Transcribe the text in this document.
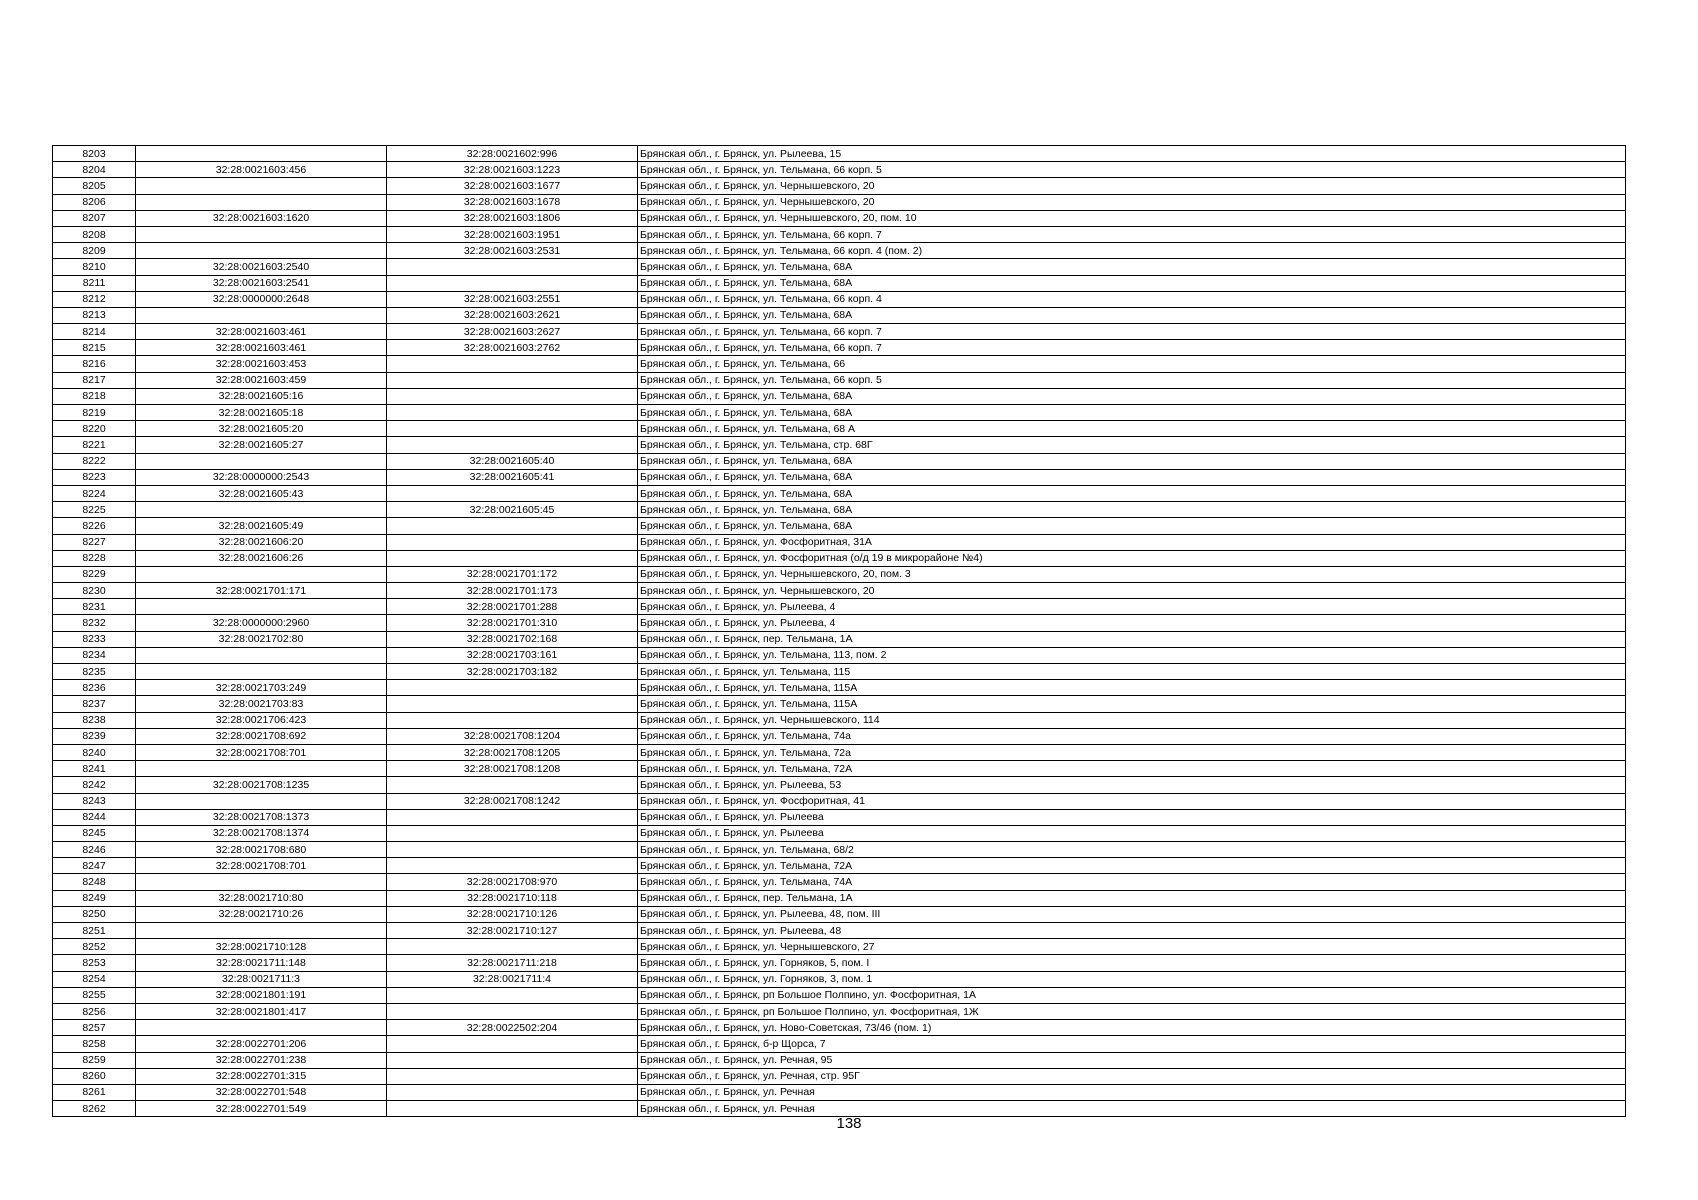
8203		32:28:0021602:996	Брянская обл., г. Брянск, ул. Рылеева, 15
8204	32:28:0021603:456	32:28:0021603:1223	Брянская обл., г. Брянск, ул. Тельмана, 66 корп. 5
8205		32:28:0021603:1677	Брянская обл., г. Брянск, ул. Чернышевского, 20
8206		32:28:0021603:1678	Брянская обл., г. Брянск, ул. Чернышевского, 20
8207	32:28:0021603:1620	32:28:0021603:1806	Брянская обл., г. Брянск, ул. Чернышевского, 20, пом. 10
8208		32:28:0021603:1951	Брянская обл., г. Брянск, ул. Тельмана, 66 корп. 7
8209		32:28:0021603:2531	Брянская обл., г. Брянск, ул. Тельмана, 66 корп. 4 (пом. 2)
8210	32:28:0021603:2540		Брянская обл., г. Брянск, ул. Тельмана, 68А
8211	32:28:0021603:2541		Брянская обл., г. Брянск, ул. Тельмана, 68А
8212	32:28:0000000:2648	32:28:0021603:2551	Брянская обл., г. Брянск, ул. Тельмана, 66 корп. 4
8213		32:28:0021603:2621	Брянская обл., г. Брянск, ул. Тельмана, 68А
8214	32:28:0021603:461	32:28:0021603:2627	Брянская обл., г. Брянск, ул. Тельмана, 66 корп. 7
8215	32:28:0021603:461	32:28:0021603:2762	Брянская обл., г. Брянск, ул. Тельмана, 66 корп. 7
8216	32:28:0021603:453		Брянская обл., г. Брянск, ул. Тельмана, 66
8217	32:28:0021603:459		Брянская обл., г. Брянск, ул. Тельмана, 66 корп. 5
8218	32:28:0021605:16		Брянская обл., г. Брянск, ул. Тельмана, 68А
8219	32:28:0021605:18		Брянская обл., г. Брянск, ул. Тельмана, 68А
8220	32:28:0021605:20		Брянская обл., г. Брянск, ул. Тельмана, 68 А
8221	32:28:0021605:27		Брянская обл., г. Брянск, ул. Тельмана, стр. 68Г
8222		32:28:0021605:40	Брянская обл., г. Брянск, ул. Тельмана, 68А
8223	32:28:0000000:2543	32:28:0021605:41	Брянская обл., г. Брянск, ул. Тельмана, 68А
8224	32:28:0021605:43		Брянская обл., г. Брянск, ул. Тельмана, 68А
8225		32:28:0021605:45	Брянская обл., г. Брянск, ул. Тельмана, 68А
8226	32:28:0021605:49		Брянская обл., г. Брянск, ул. Тельмана, 68А
8227	32:28:0021606:20		Брянская обл., г. Брянск, ул. Фосфоритная, 31А
8228	32:28:0021606:26		Брянская обл., г. Брянск, ул. Фосфоритная (о/д 19 в микрорайоне №4)
8229		32:28:0021701:172	Брянская обл., г. Брянск, ул. Чернышевского, 20, пом. 3
8230	32:28:0021701:171	32:28:0021701:173	Брянская обл., г. Брянск, ул. Чернышевского, 20
8231		32:28:0021701:288	Брянская обл., г. Брянск, ул. Рылеева, 4
8232	32:28:0000000:2960	32:28:0021701:310	Брянская обл., г. Брянск, ул. Рылеева, 4
8233	32:28:0021702:80	32:28:0021702:168	Брянская обл., г. Брянск, пер. Тельмана, 1А
8234		32:28:0021703:161	Брянская обл., г. Брянск, ул. Тельмана, 113, пом. 2
8235		32:28:0021703:182	Брянская обл., г. Брянск, ул. Тельмана, 115
8236	32:28:0021703:249		Брянская обл., г. Брянск, ул. Тельмана, 115А
8237	32:28:0021703:83		Брянская обл., г. Брянск, ул. Тельмана, 115А
8238	32:28:0021706:423		Брянская обл., г. Брянск, ул. Чернышевского, 114
8239	32:28:0021708:692	32:28:0021708:1204	Брянская обл., г. Брянск, ул. Тельмана, 74а
8240	32:28:0021708:701	32:28:0021708:1205	Брянская обл., г. Брянск, ул. Тельмана, 72а
8241		32:28:0021708:1208	Брянская обл., г. Брянск, ул. Тельмана, 72А
8242	32:28:0021708:1235		Брянская обл., г. Брянск, ул. Рылеева, 53
8243		32:28:0021708:1242	Брянская обл., г. Брянск, ул. Фосфоритная, 41
8244	32:28:0021708:1373		Брянская обл., г. Брянск, ул. Рылеева
8245	32:28:0021708:1374		Брянская обл., г. Брянск, ул. Рылеева
8246	32:28:0021708:680		Брянская обл., г. Брянск, ул. Тельмана, 68/2
8247	32:28:0021708:701		Брянская обл., г. Брянск, ул. Тельмана, 72А
8248		32:28:0021708:970	Брянская обл., г. Брянск, ул. Тельмана, 74А
8249	32:28:0021710:80	32:28:0021710:118	Брянская обл., г. Брянск, пер. Тельмана, 1А
8250	32:28:0021710:26	32:28:0021710:126	Брянская обл., г. Брянск, ул. Рылеева, 48, пом. III
8251		32:28:0021710:127	Брянская обл., г. Брянск, ул. Рылеева, 48
8252	32:28:0021710:128		Брянская обл., г. Брянск, ул. Чернышевского, 27
8253	32:28:0021711:148	32:28:0021711:218	Брянская обл., г. Брянск, ул. Горняков, 5, пом. I
8254	32:28:0021711:3	32:28:0021711:4	Брянская обл., г. Брянск, ул. Горняков, 3, пом. 1
8255	32:28:0021801:191		Брянская обл., г. Брянск, рп Большое Полпино, ул. Фосфоритная, 1А
8256	32:28:0021801:417		Брянская обл., г. Брянск, рп Большое Полпино, ул. Фосфоритная, 1Ж
8257		32:28:0022502:204	Брянская обл., г. Брянск, ул. Ново-Советская, 73/46 (пом. 1)
8258	32:28:0022701:206		Брянская обл., г. Брянск, б-р Щорса, 7
8259	32:28:0022701:238		Брянская обл., г. Брянск, ул. Речная, 95
8260	32:28:0022701:315		Брянская обл., г. Брянск, ул. Речная, стр. 95Г
8261	32:28:0022701:548		Брянская обл., г. Брянск, ул. Речная
8262	32:28:0022701:549		Брянская обл., г. Брянск, ул. Речная
138
